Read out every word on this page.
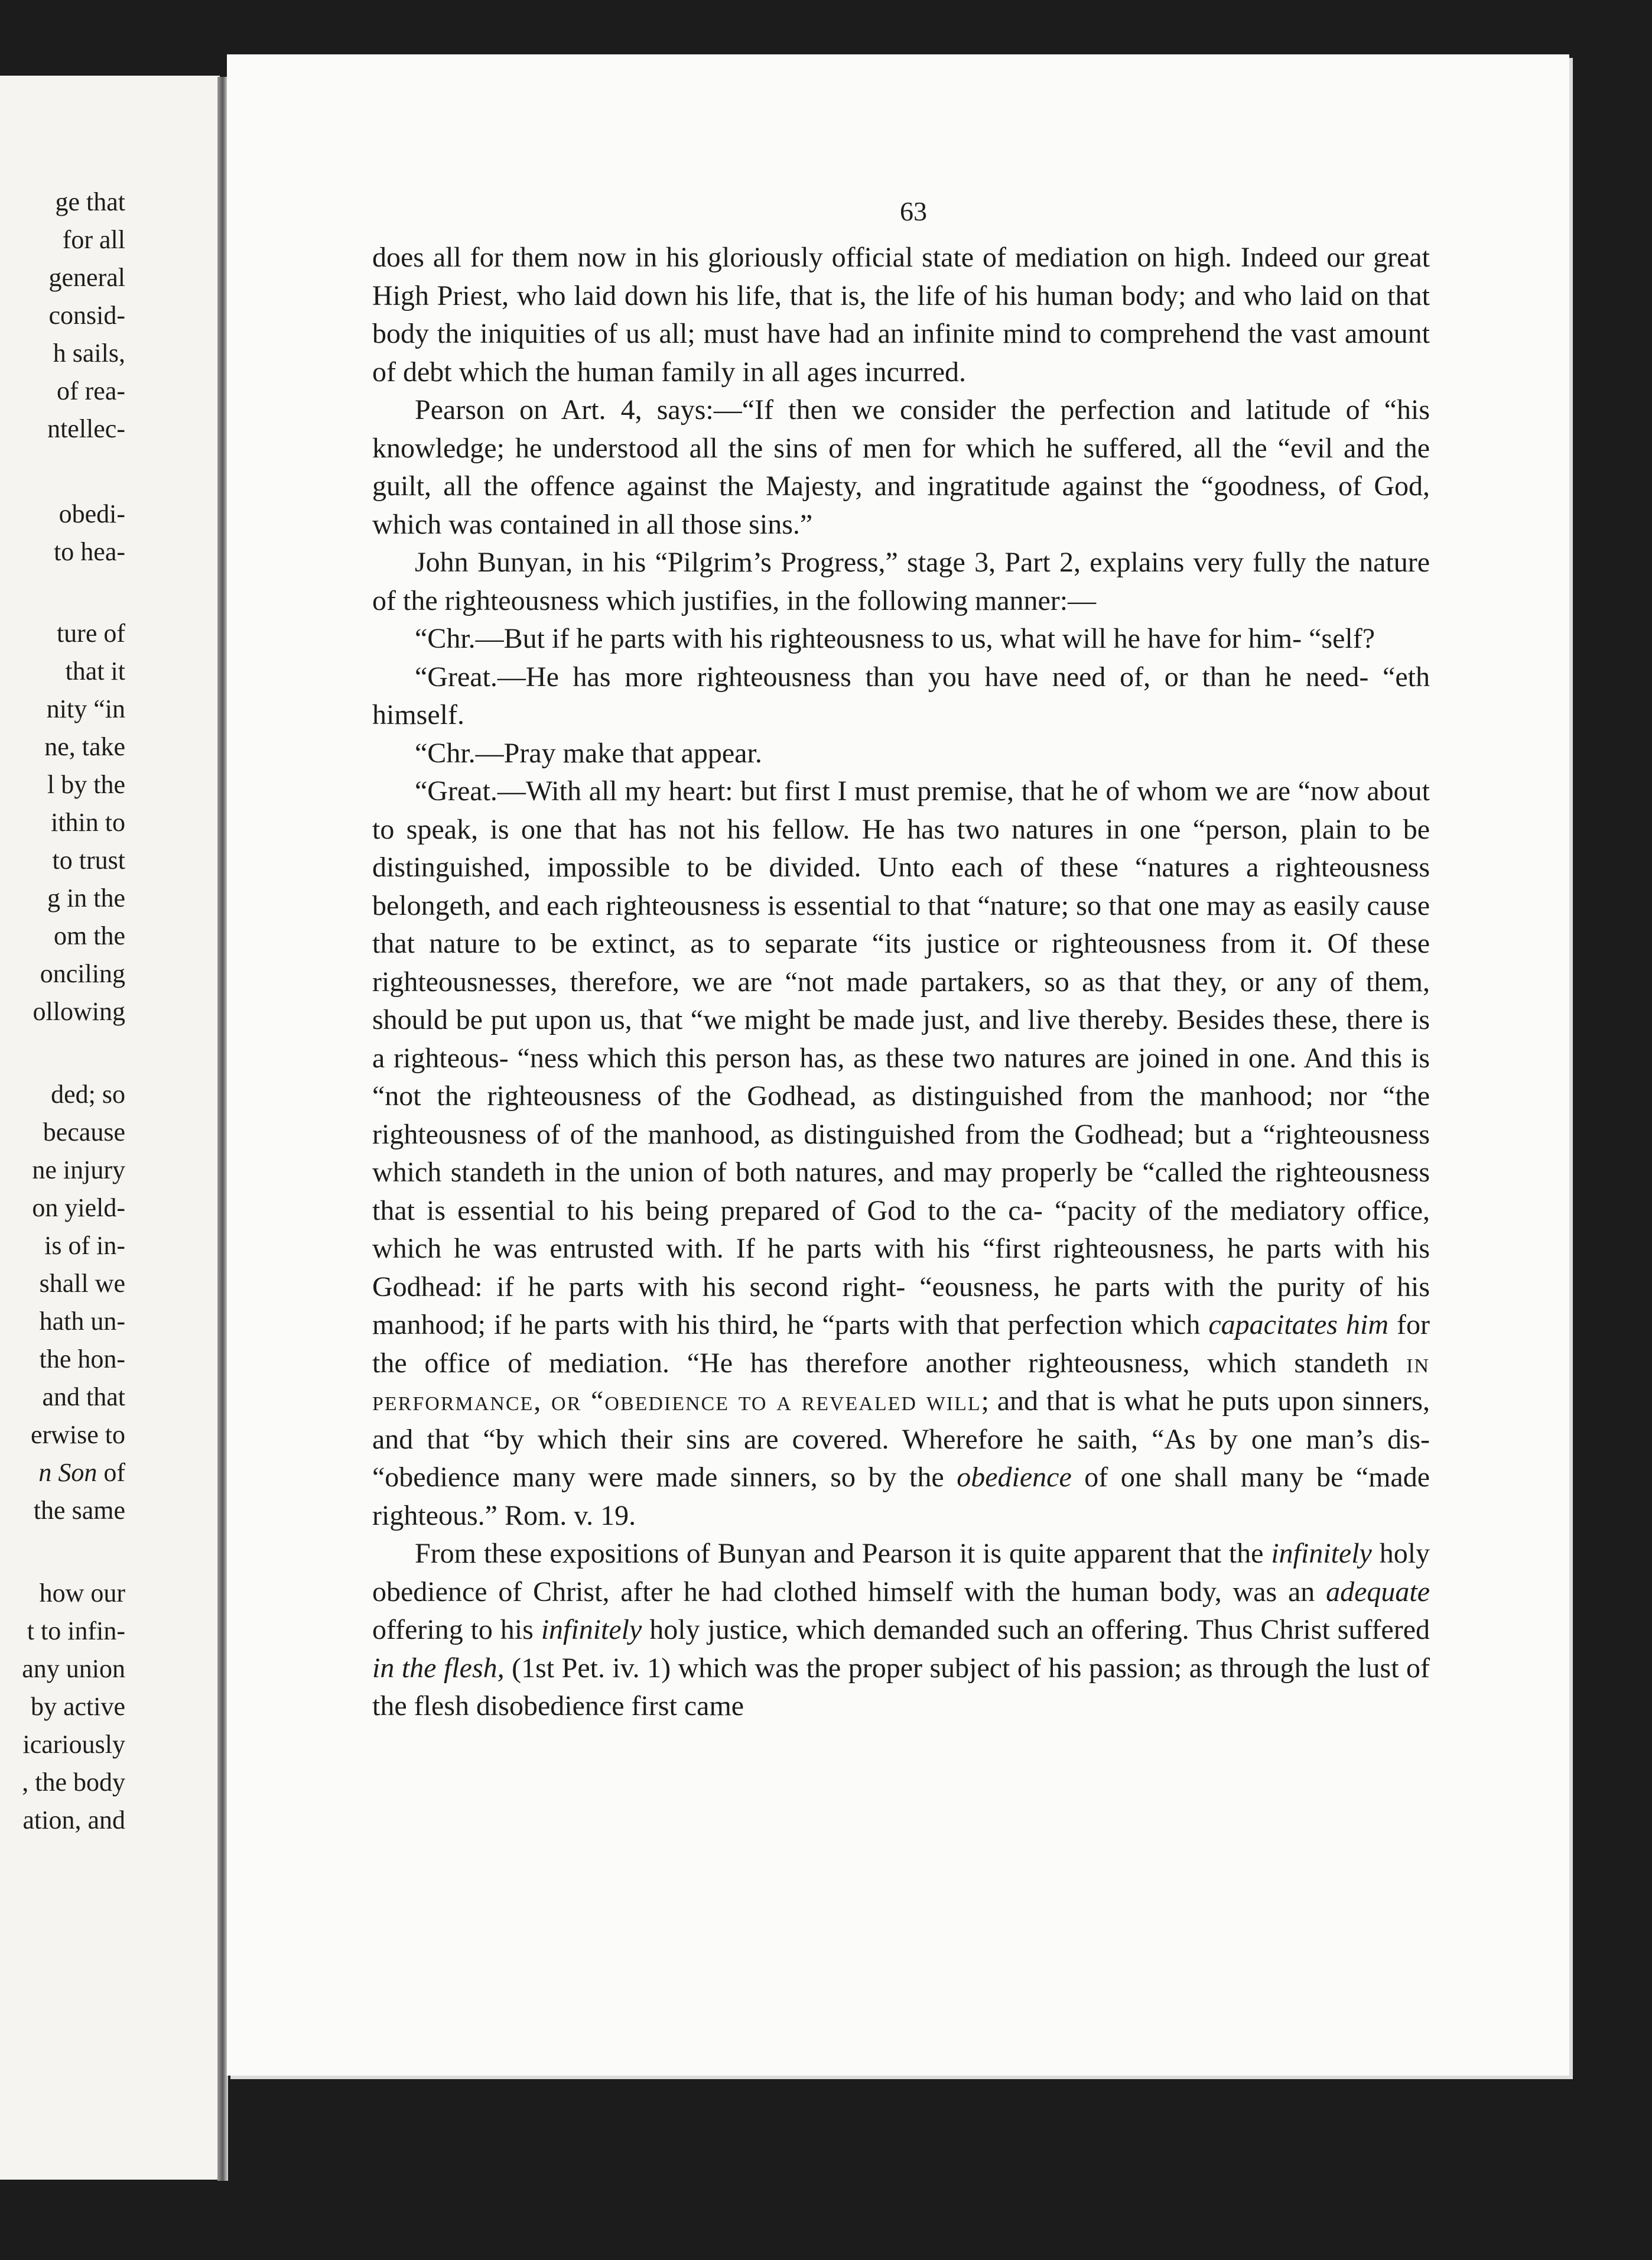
ge that
for all
general
consid-
h sails,
of rea-
ntellec-
obedi-
to hea-
ture of
that it
nity “in
ne, take
l by the
ithin to
to trust
g in the
om the
onciling
ollowing
ded; so
because
ne injury
on yield-
is of in-
shall we
hath un-
the hon-
and that
erwise to
n Son of
the same
how our
t to infin-
any union
by active
icariously
, the body
ation, and
63

does all for them now in his gloriously official state of mediation on high. Indeed our great High Priest, who laid down his life, that is, the life of his human body; and who laid on that body the iniquities of us all; must have had an infinite mind to comprehend the vast amount of debt which the human family in all ages incurred.

Pearson on Art. 4, says:—“If then we consider the perfection and latitude of “his knowledge; he understood all the sins of men for which he suffered, all the “evil and the guilt, all the offence against the Majesty, and ingratitude against the “goodness, of God, which was contained in all those sins.”

John Bunyan, in his “Pilgrim’s Progress,” stage 3, Part 2, explains very fully the nature of the righteousness which justifies, in the following manner:—

“Chr.—But if he parts with his righteousness to us, what will he have for him- “self?

“Great.—He has more righteousness than you have need of, or than he need- “eth himself.

“Chr.—Pray make that appear.

“Great.—With all my heart: but first I must premise, that he of whom we are “now about to speak, is one that has not his fellow. He has two natures in one “person, plain to be distinguished, impossible to be divided. Unto each of these “natures a righteousness belongeth, and each righteousness is essential to that “nature; so that one may as easily cause that nature to be extinct, as to separate “its justice or righteousness from it. Of these righteousnesses, therefore, we are “not made partakers, so as that they, or any of them, should be put upon us, that “we might be made just, and live thereby. Besides these, there is a righteous- “ness which this person has, as these two natures are joined in one. And this is “not the righteousness of the Godhead, as distinguished from the manhood; nor “the righteousness of of the manhood, as distinguished from the Godhead; but a “righteousness which standeth in the union of both natures, and may properly be “called the righteousness that is essential to his being prepared of God to the ca- “pacity of the mediatory office, which he was entrusted with. If he parts with his “first righteousness, he parts with his Godhead: if he parts with his second right- “eousness, he parts with the purity of his manhood; if he parts with his third, he “parts with that perfection which capacitates him for the office of mediation. “He has therefore another righteousness, which standeth in performance, or “obedience to a revealed will; and that is what he puts upon sinners, and that “by which their sins are covered. Wherefore he saith, “As by one man’s dis- “obedience many were made sinners, so by the obedience of one shall many be “made righteous.” Rom. v. 19.

From these expositions of Bunyan and Pearson it is quite apparent that the infinitely holy obedience of Christ, after he had clothed himself with the human body, was an adequate offering to his infinitely holy justice, which demanded such an offering. Thus Christ suffered in the flesh, (1st Pet. iv. 1) which was the proper subject of his passion; as through the lust of the flesh disobedience first came
